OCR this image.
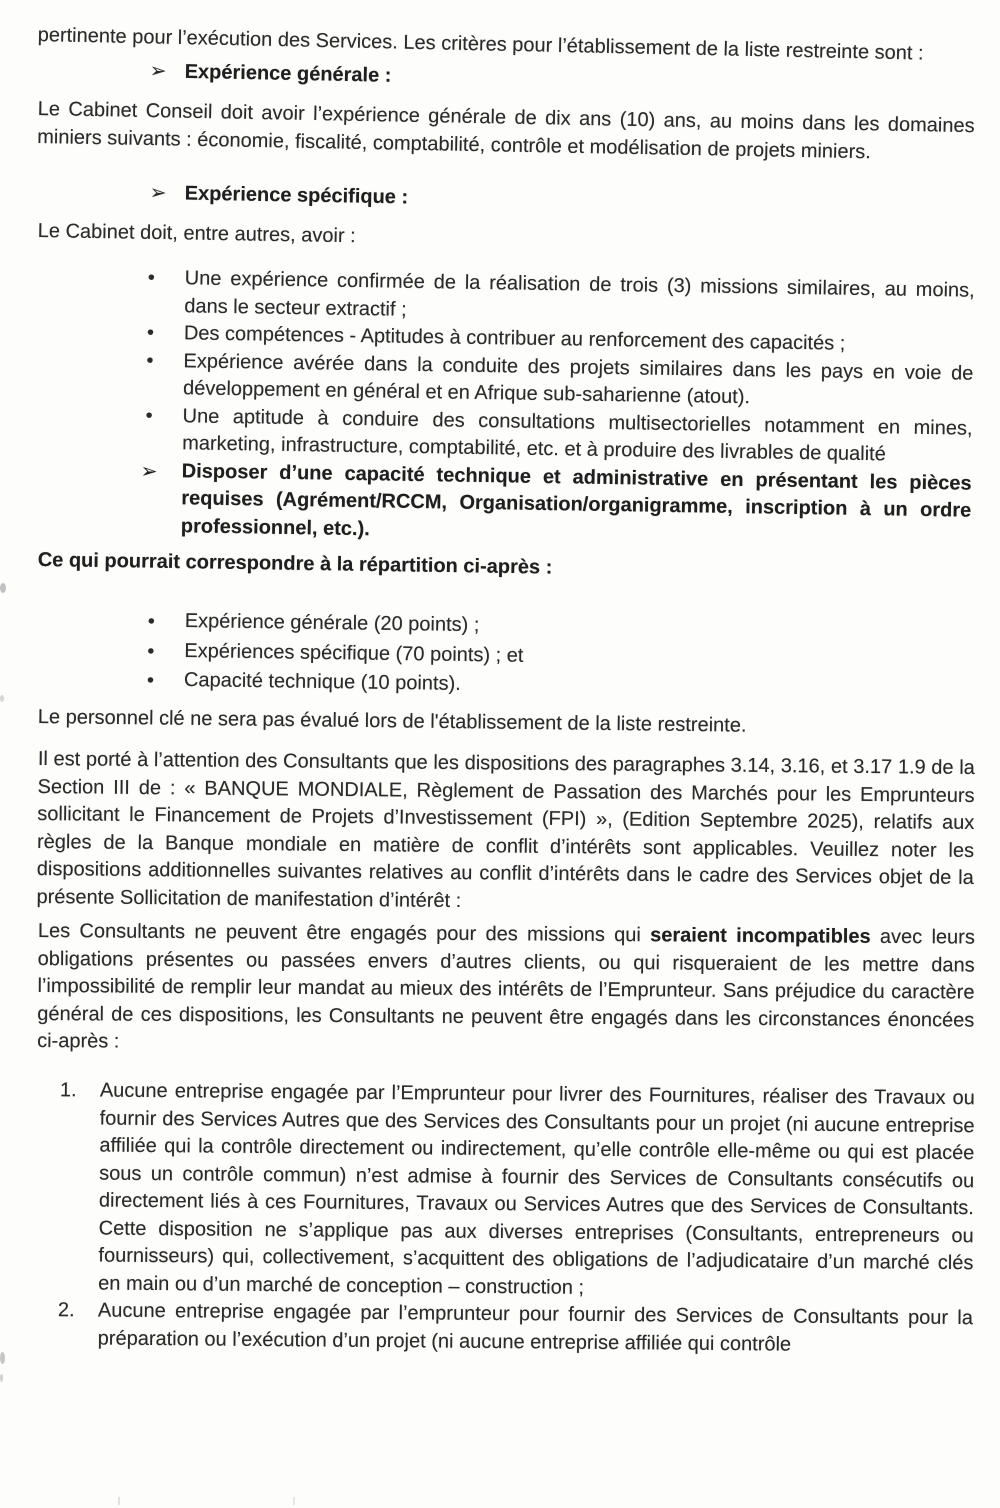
pertinente pour l’exécution des Services. Les critères pour l’établissement de la liste restreinte sont :

➢ Expérience générale :

Le Cabinet Conseil doit avoir l’expérience générale de dix ans (10) ans, au moins dans les domaines miniers suivants : économie, fiscalité, comptabilité, contrôle et modélisation de projets miniers.

➢ Expérience spécifique :

Le Cabinet doit, entre autres, avoir :

• Une expérience confirmée de la réalisation de trois (3) missions similaires, au moins, dans le secteur extractif ;
• Des compétences - Aptitudes à contribuer au renforcement des capacités ;
• Expérience avérée dans la conduite des projets similaires dans les pays en voie de développement en général et en Afrique sub-saharienne (atout).
• Une aptitude à conduire des consultations multisectorielles notamment en mines, marketing, infrastructure, comptabilité, etc. et à produire des livrables de qualité
➢	Disposer d’une capacité technique et administrative en présentant les pièces requises (Agrément/RCCM, Organisation/organigramme, inscription à un ordre professionnel, etc.).

Ce qui pourrait correspondre à la répartition ci-après :

• Expérience générale (20 points) ;
• Expériences spécifique (70 points) ; et
• Capacité technique (10 points).

Le personnel clé ne sera pas évalué lors de l'établissement de la liste restreinte.

Il est porté à l’attention des Consultants que les dispositions des paragraphes 3.14, 3.16, et 3.17 1.9 de la Section III de : « BANQUE MONDIALE, Règlement de Passation des Marchés pour les Emprunteurs sollicitant le Financement de Projets d’Investissement (FPI) », (Edition Septembre 2025), relatifs aux règles de la Banque mondiale en matière de conflit d’intérêts sont applicables. Veuillez noter les dispositions additionnelles suivantes relatives au conflit d’intérêts dans le cadre des Services objet de la présente Sollicitation de manifestation d’intérêt :

Les Consultants ne peuvent être engagés pour des missions qui seraient incompatibles avec leurs obligations présentes ou passées envers d’autres clients, ou qui risqueraient de les mettre dans l’impossibilité de remplir leur mandat au mieux des intérêts de l’Emprunteur. Sans préjudice du caractère général de ces dispositions, les Consultants ne peuvent être engagés dans les circonstances énoncées ci-après :

1. Aucune entreprise engagée par l’Emprunteur pour livrer des Fournitures, réaliser des Travaux ou fournir des Services Autres que des Services des Consultants pour un projet (ni aucune entreprise affiliée qui la contrôle directement ou indirectement, qu’elle contrôle elle-même ou qui est placée sous un contrôle commun) n’est admise à fournir des Services de Consultants consécutifs ou directement liés à ces Fournitures, Travaux ou Services Autres que des Services de Consultants. Cette disposition ne s’applique pas aux diverses entreprises (Consultants, entrepreneurs ou fournisseurs) qui, collectivement, s’acquittent des obligations de l’adjudicataire d’un marché clés en main ou d’un marché de conception – construction ;
2. Aucune entreprise engagée par l’emprunteur pour fournir des Services de Consultants pour la préparation ou l’exécution d’un projet (ni aucune entreprise affiliée qui contrôle
